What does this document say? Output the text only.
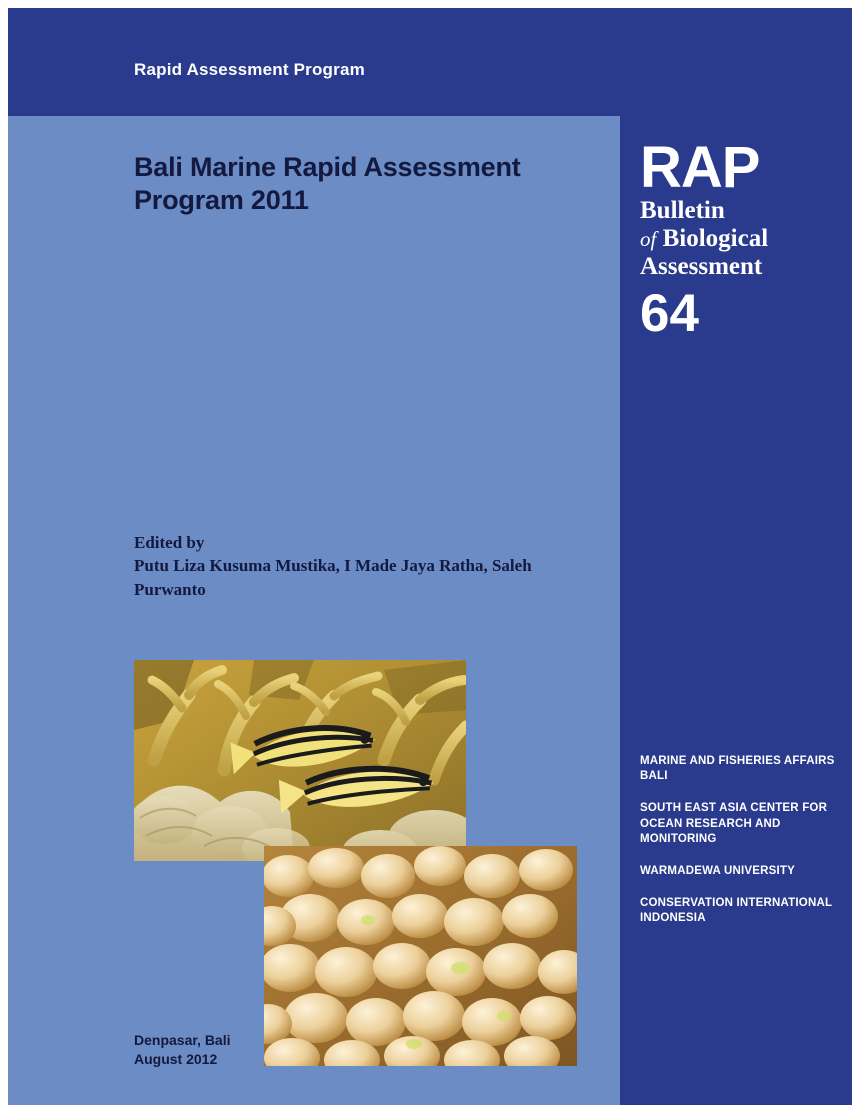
Rapid Assessment Program
Bali Marine Rapid Assessment Program 2011
Edited by
Putu Liza Kusuma Mustika, I Made Jaya Ratha, Saleh Purwanto
Denpasar, Bali
August 2012
RAP
Bulletin
of Biological
Assessment
64
MARINE AND FISHERIES AFFAIRS BALI
SOUTH EAST ASIA CENTER FOR OCEAN RESEARCH AND MONITORING
WARMADEWA UNIVERSITY
CONSERVATION INTERNATIONAL INDONESIA
